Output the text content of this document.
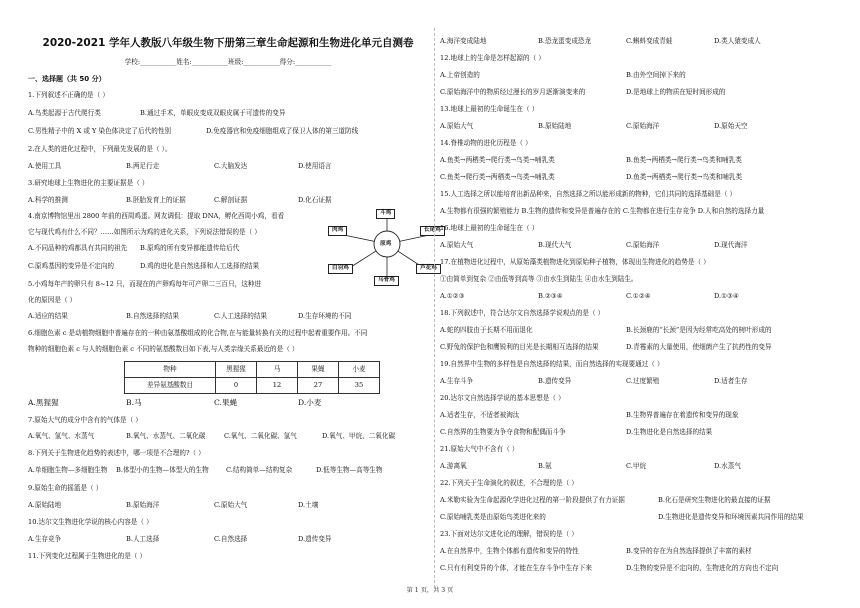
2020-2021 学年人教版八年级生物下册第三章生命起源和生物进化单元自测卷
学校:___________姓名:___________班级:___________得分:___________
一、选择题（共 50 分）
1.下列叙述不正确的是（ ）
A.鸟类起源于古代爬行类	B.通过手术，单眼皮变成双眼皮属于可遗传的变异
C.男性精子中的 X 或 Y 染色体决定了后代的性别	D.免疫器官和免疫细胞组成了保卫人体的第三道防线
2.在人类的进化过程中，下列最先发展的是（ ）。
A.使用工具	B.两足行走	C.大脑发达	D.使用语言
3.研究地球上生物进化的主要证据是（ ）
A.科学的推测	B.胚胎发育上的证据	C.解剖证据	D.化石证据
4.南京博物馆里出 2800 年前的西周鸡蛋。网友调侃：提取 DNA，孵化西周小鸡，看看
它与现代鸡有什么不同？……如图所示为鸡的进化关系，下列说法错误的是（ ）
A.不同品种的鸡都具有共同的祖先 B.原鸡的所有变异都能遗传给后代
C.原鸡基因的变异是不定向的	D.鸡的进化是自然选择和人工选择的结果
5.小鸡每年产的卵只有 8~12 只，而现在的产卵鸡每年可产卵二三百只，这种进
化的原因是（ ）
A.适应的结果	B.自然选择的结果	C.人工选择的结果	D.生存环境的不同
6.细胞色素 c 是动植物细胞中普遍存在的一种由氨基酸组成的化合物,在与能量转换有关的过程中起着重要作用。不同
物种的细胞色素 c 与人的细胞色素 c 不同的氨基酸数目如下表,与人类亲缘关系最近的是（ ）
物种	黑猩猩	马	果蝇	小麦
差异氨基酸数目	0	12	27	35
A.黑猩猩	B.马	C.果蝇	D.小麦
7.原始大气的成分中含有的气体是（ ）
A.氧气、氢气、水蒸气	B.氧气、水蒸气、二氧化碳	C.氧气、二氧化碳、氢气	D.氧气、甲烷、二氧化碳
8.下列关于生物进化趋势的表述中，哪一项是不合理的?（ ）
A.单细胞生物—多细胞生物 B.体型小的生物—体型大的生物	C.结构简单—结构复杂	D.低等生物—高等生物
9.原始生命的摇篮是（ ）
A.原始陆地	B.原始海洋	C.原始大气	D.土壤
10.达尔文生物进化学说的核心内容是（ ）
A.生存竞争	B.人工选择	C.自然选择	D.遗传变异
11.下列变化过程属于生物进化的是（ ）
斗鸡
肉鸡	长尾鸡
原鸡
白羽鸡
乌骨鸡
芦花鸡
A.海洋变成陆地	B.恐龙蛋变成恐龙	C.蝌蚪变成青蛙	D.类人猿变成人
12.地球上的生命是怎样起源的（ ）
A.上帝创造的	B.由外空间掉下来的
C.原始海洋中的物质经过漫长的岁月逐渐演变来的	D.是地球上的物质在短时间形成的
13.地球上最初的生命诞生在（ ）
A.原始大气	B.原始陆地	C.原始海洋	D.原始天空
14.脊椎动物的进化历程是（ ）
A.鱼类→两栖类→爬行类→鸟类→哺乳类	B.鱼类→两栖类→爬行类→鸟类和哺乳类
C.鱼类→爬行类→两栖类→鸟类→哺乳类	D.鱼类→两栖类→爬行类→鸟类和哺乳类
15.人工选择之所以能培育出新品种来，自然选择之所以能形成新的物种，它们共同的选择基础是（ ）
A.生物都有很强的繁殖能力 B.生物的遗传和变异是普遍存在的 C.生物都在进行生存竞争 D.人和自然的选择力量
16.地球上最初的生命诞生在（ ）
A.原始大气	B.现代大气	C.原始海洋	D.现代海洋
17.在植物进化过程中，从原始藻类植物进化到原始种子植物，体现出生物进化的趋势是（ ）
①由简单到复杂 ②由低等到高等 ③由水生到陆生 ④由水生到陆生。
A.①②③	B.②③④	C.①②④	D.①③④
18.下列叙述中，符合达尔文自然选择学说观点的是（ ）
A.蛇的四肢由于长期不用而退化	B.长颈鹿的“长颈”是因为经常吃高处的树叶形成的
C.野兔的保护色和鹰锐利的目光是长期相互选择的结果	D.青霉素的大量使用，使细菌产生了抗药性的变异
19.自然界中生物的多样性是自然选择的结果，而自然选择的实现要通过（ ）
A.生存斗争	B.遗传变异	C.过度繁殖	D.适者生存
20.达尔文自然选择学说的基本思想是（ ）
A.适者生存，不适者被淘汰	B.生物界普遍存在着遗传和变异的现象
C.自然界的生物要为争夺食物和配偶而斗争	D.生物进化是自然选择的结果
21.原始大气中不含有（ ）
A.游离氧	B.氨	C.甲烷	D.水蒸气
22.下列关于生命演化的叙述，不合理的是（ ）
A.米勒实验为生命起源化学进化过程的第一阶段提供了有力证据	B.化石是研究生物进化的最直接的证据
C.原始哺乳类是由原始鸟类进化来的	D.生物进化是遗传变异和环境因素共同作用的结果
23.下面对达尔文进化论的理解，错误的是（ ）
A.在自然界中，生物个体都有遗传和变异的特性	B.变异的存在为自然选择提供了丰富的素材
C.只有有利变异的个体，才能在生存斗争中生存下来	D.生物的变异是不定向的，生物进化的方向也不定向
第 1 页，共 3 页
